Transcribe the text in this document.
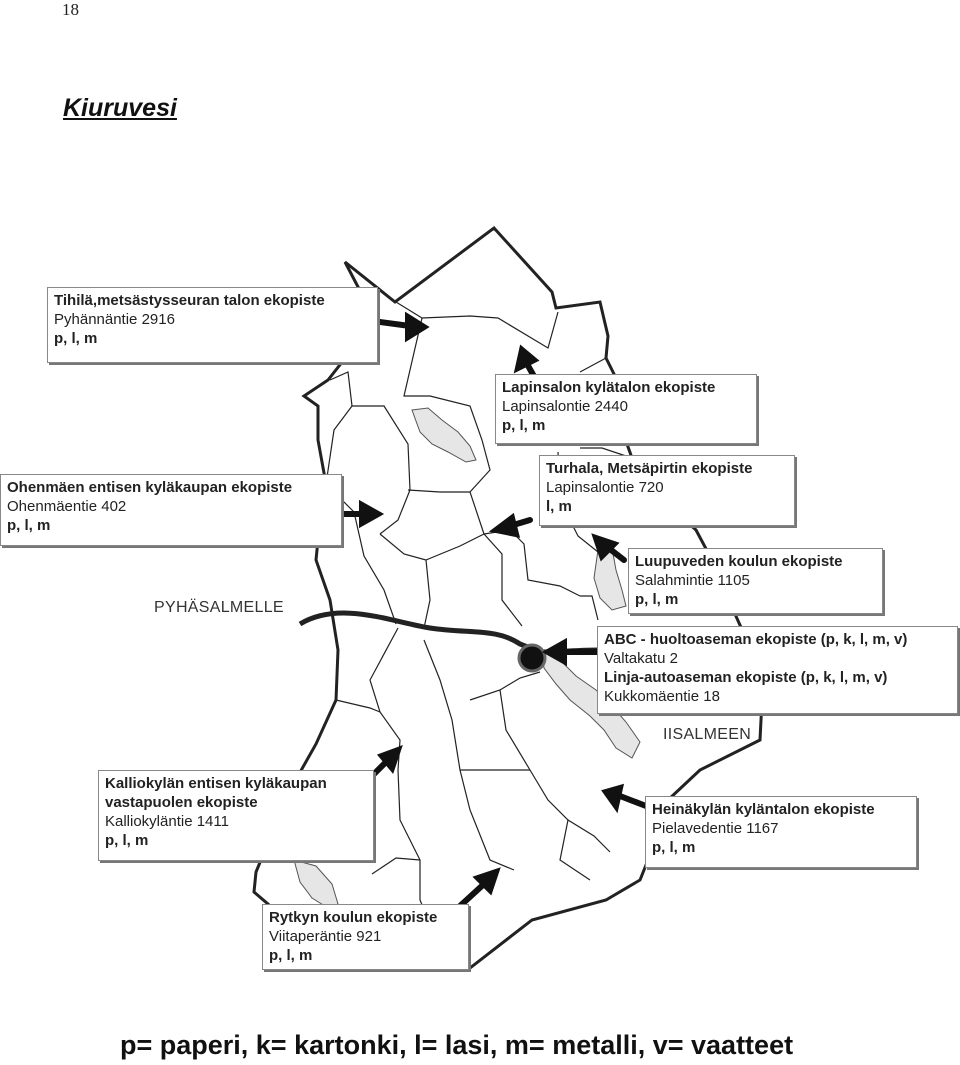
18
Kiuruvesi
PYHÄSALMELLE
IISALMEEN
Tihilä,metsästysseuran talon ekopiste
Pyhännäntie 2916
p, l, m
Lapinsalon kylätalon ekopiste
Lapinsalontie 2440
p, l, m
Ohenmäen entisen kyläkaupan ekopiste
Ohenmäentie 402
p, l, m
Turhala, Metsäpirtin ekopiste
Lapinsalontie 720
l, m
Luupuveden koulun ekopiste
Salahmintie 1105
p, l, m
ABC - huoltoaseman ekopiste (p, k, l, m, v)
Valtakatu 2
Linja-autoaseman ekopiste (p, k, l, m, v)
Kukkomäentie 18
Kalliokylän entisen kyläkaupan
vastapuolen ekopiste
Kalliokyläntie 1411
p, l, m
Heinäkylän kyläntalon ekopiste
Pielavedentie 1167
p, l, m
Rytkyn koulun ekopiste
Viitaperäntie 921
p, l, m
p= paperi, k= kartonki, l= lasi, m= metalli, v= vaatteet
